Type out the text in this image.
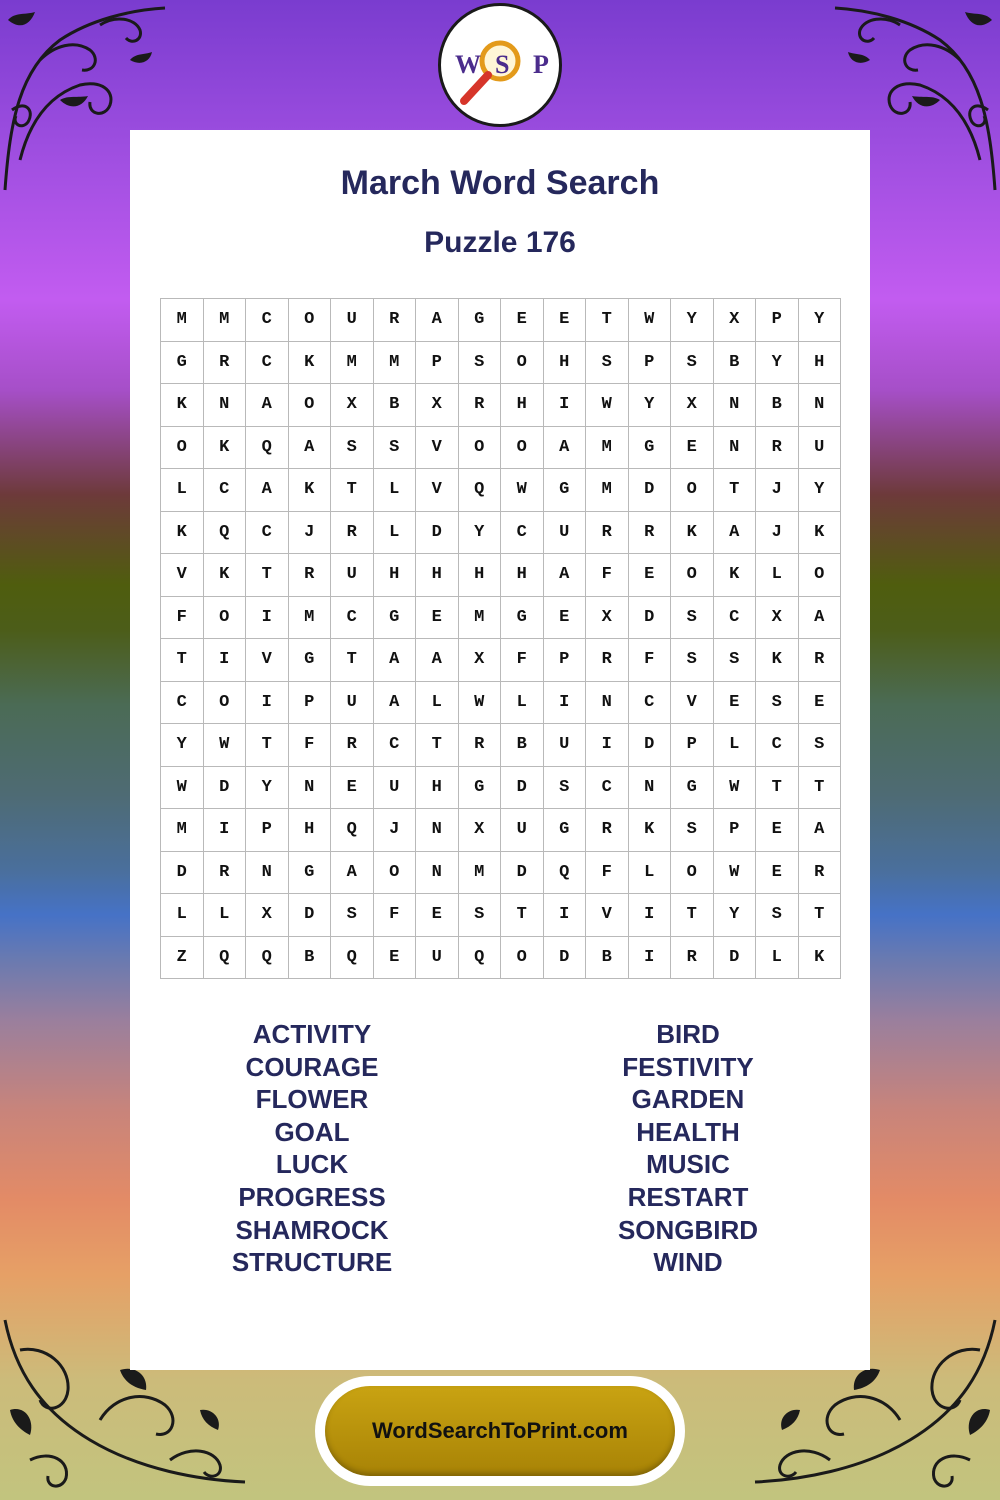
W S P
March Word Search
Puzzle 176
M	M	C	O	U	R	A	G	E	E	T	W	Y	X	P	Y
G	R	C	K	M	M	P	S	O	H	S	P	S	B	Y	H
K	N	A	O	X	B	X	R	H	I	W	Y	X	N	B	N
O	K	Q	A	S	S	V	O	O	A	M	G	E	N	R	U
L	C	A	K	T	L	V	Q	W	G	M	D	O	T	J	Y
K	Q	C	J	R	L	D	Y	C	U	R	R	K	A	J	K
V	K	T	R	U	H	H	H	H	A	F	E	O	K	L	O
F	O	I	M	C	G	E	M	G	E	X	D	S	C	X	A
T	I	V	G	T	A	A	X	F	P	R	F	S	S	K	R
C	O	I	P	U	A	L	W	L	I	N	C	V	E	S	E
Y	W	T	F	R	C	T	R	B	U	I	D	P	L	C	S
W	D	Y	N	E	U	H	G	D	S	C	N	G	W	T	T
M	I	P	H	Q	J	N	X	U	G	R	K	S	P	E	A
D	R	N	G	A	O	N	M	D	Q	F	L	O	W	E	R
L	L	X	D	S	F	E	S	T	I	V	I	T	Y	S	T
Z	Q	Q	B	Q	E	U	Q	O	D	B	I	R	D	L	K
ACTIVITY
COURAGE
FLOWER
GOAL
LUCK
PROGRESS
SHAMROCK
STRUCTURE
BIRD
FESTIVITY
GARDEN
HEALTH
MUSIC
RESTART
SONGBIRD
WIND
WordSearchToPrint.com
